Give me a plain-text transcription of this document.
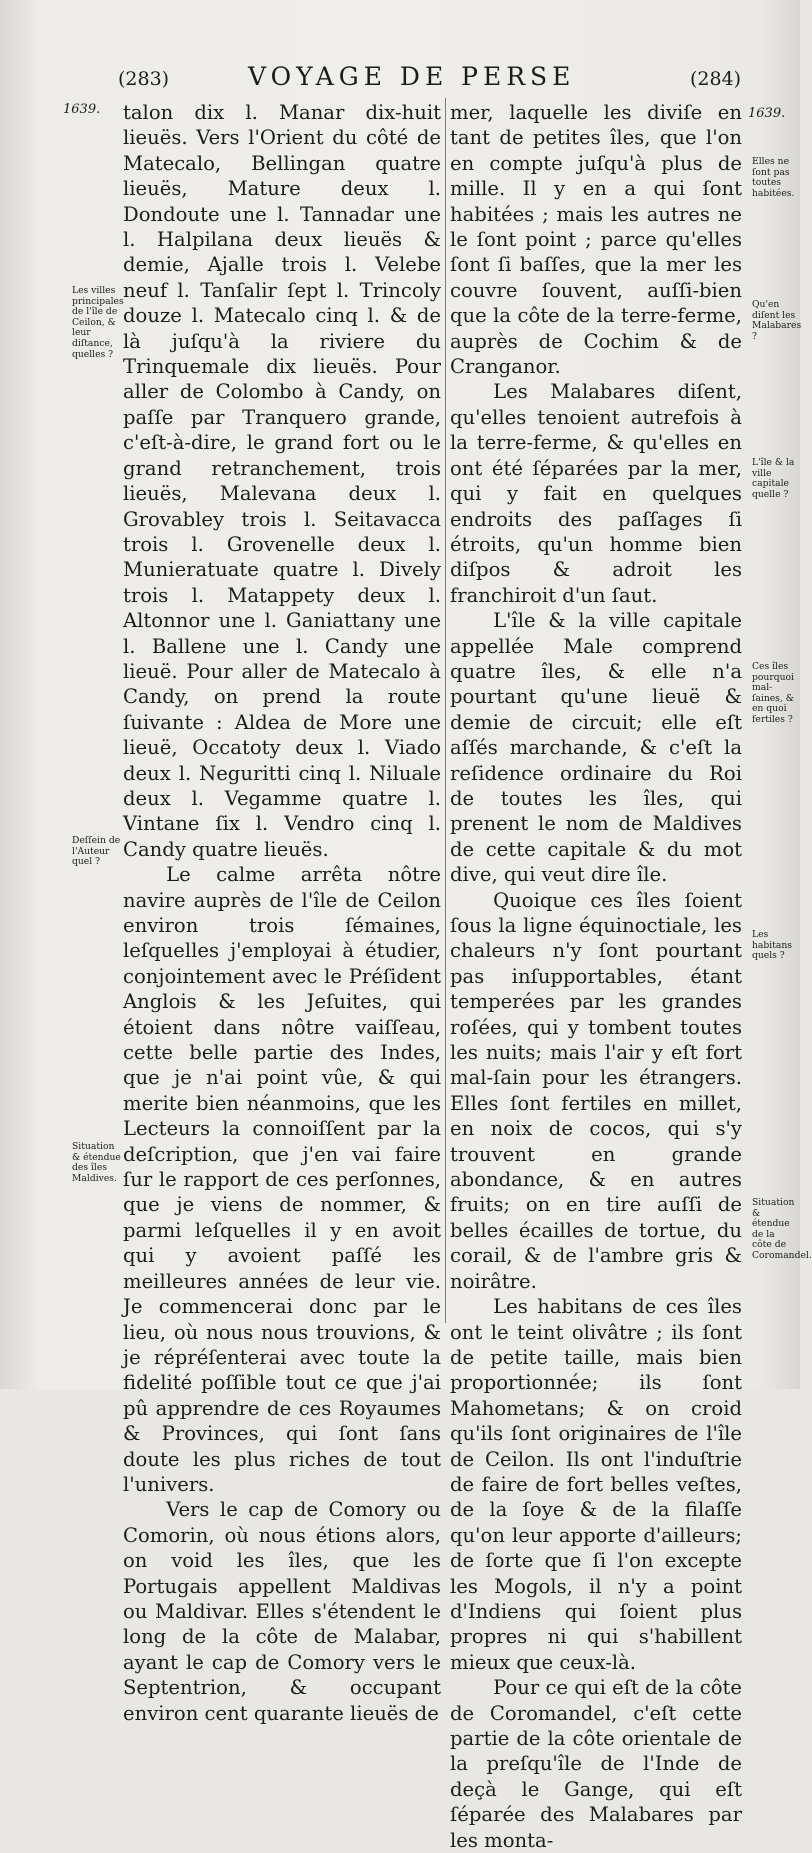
(283)	VOYAGE DE PERSE	(284)
1639.	1639.
Les villes principales de l'île de Ceilon, & leur diſtance, quelles ?
Deſſein de l'Auteur quel ?
Situation & étendue des îles Maldives.
Elles ne ſont pas toutes habitées.
Qu'en diſent les Malabares ?
L'île & la ville capitale quelle ?
Ces îles pourquoi mal-ſaines, & en quoi fertiles ?
Les habitans quels ?
Situation & étendue de la côte de Coromandel.

talon dix l. Manar dix-huit lieuës. Vers l'Orient du côté de Matecalo, Bellingan quatre lieuës, Mature deux l. Dondoute une l. Tannadar une l. Halpilana deux lieuës & demie, Ajalle trois l. Velebe neuf l. Tanſalir ſept l. Trincoly douze l. Matecalo cinq l. & de là juſqu'à la riviere du Trinquemale dix lieuës. Pour aller de Colombo à Candy, on paſſe par Tranquero grande, c'eſt-à-dire, le grand fort ou le grand retranchement, trois lieuës, Malevana deux l. Grovabley trois l. Seitavacca trois l. Grovenelle deux l. Munieratuate quatre l. Dively trois l. Matappety deux l. Altonnor une l. Ganiattany une l. Ballene une l. Candy une lieuë. Pour aller de Matecalo à Candy, on prend la route ſuivante : Aldea de More une lieuë, Occatoty deux l. Viado deux l. Neguritti cinq l. Niluale deux l. Vegamme quatre l. Vintane ſix l. Vendro cinq l. Candy quatre lieuës.

Le calme arrêta nôtre navire auprès de l'île de Ceilon environ trois ſémaines, leſquelles j'employai à étudier, conjointement avec le Préſident Anglois & les Jeſuites, qui étoient dans nôtre vaiſſeau, cette belle partie des Indes, que je n'ai point vûe, & qui merite bien néanmoins, que les Lecteurs la connoiſſent par la deſcription, que j'en vai faire ſur le rapport de ces perſonnes, que je viens de nommer, & parmi leſquelles il y en avoit qui y avoient paſſé les meilleures années de leur vie. Je commencerai donc par le lieu, où nous nous trouvions, & je répréſenterai avec toute la fidelité poſſible tout ce que j'ai pû apprendre de ces Royaumes & Provinces, qui ſont ſans doute les plus riches de tout l'univers.

Vers le cap de Comory ou Comorin, où nous étions alors, on void les îles, que les Portugais appellent Maldivas ou Maldivar. Elles s'étendent le long de la côte de Malabar, ayant le cap de Comory vers le Septentrion, & occupant environ cent quarante lieuës de

mer, laquelle les diviſe en tant de petites îles, que l'on en compte juſqu'à plus de mille. Il y en a qui ſont habitées ; mais les autres ne le ſont point ; parce qu'elles ſont ſi baſſes, que la mer les couvre ſouvent, auſſi-bien que la côte de la terre-ferme, auprès de Cochim & de Cranganor.

Les Malabares diſent, qu'elles tenoient autrefois à la terre-ferme, & qu'elles en ont été ſéparées par la mer, qui y fait en quelques endroits des paſſages ſi étroits, qu'un homme bien diſpos & adroit les franchiroit d'un ſaut.

L'île & la ville capitale appellée Male comprend quatre îles, & elle n'a pourtant qu'une lieuë & demie de circuit; elle eſt aſſés marchande, & c'eſt la reſidence ordinaire du Roi de toutes les îles, qui prenent le nom de Maldives de cette capitale & du mot dive, qui veut dire île.

Quoique ces îles ſoient ſous la ligne équinoctiale, les chaleurs n'y ſont pourtant pas inſupportables, étant temperées par les grandes roſées, qui y tombent toutes les nuits; mais l'air y eſt fort mal-ſain pour les étrangers. Elles ſont fertiles en millet, en noix de cocos, qui s'y trouvent en grande abondance, & en autres fruits; on en tire auſſi de belles écailles de tortue, du corail, & de l'ambre gris & noirâtre.

Les habitans de ces îles ont le teint olivâtre ; ils ſont de petite taille, mais bien proportionnée; ils ſont Mahometans; & on croid qu'ils ſont originaires de l'île de Ceilon. Ils ont l'induſtrie de faire de fort belles veſtes, de la ſoye & de la filaſſe qu'on leur apporte d'ailleurs; de ſorte que ſi l'on excepte les Mogols, il n'y a point d'Indiens qui ſoient plus propres ni qui s'habillent mieux que ceux-là.

Pour ce qui eſt de la côte de Coromandel, c'eſt cette partie de la côte orientale de la preſqu'île de l'Inde de deçà le Gange, qui eſt ſéparée des Malabares par les monta-
